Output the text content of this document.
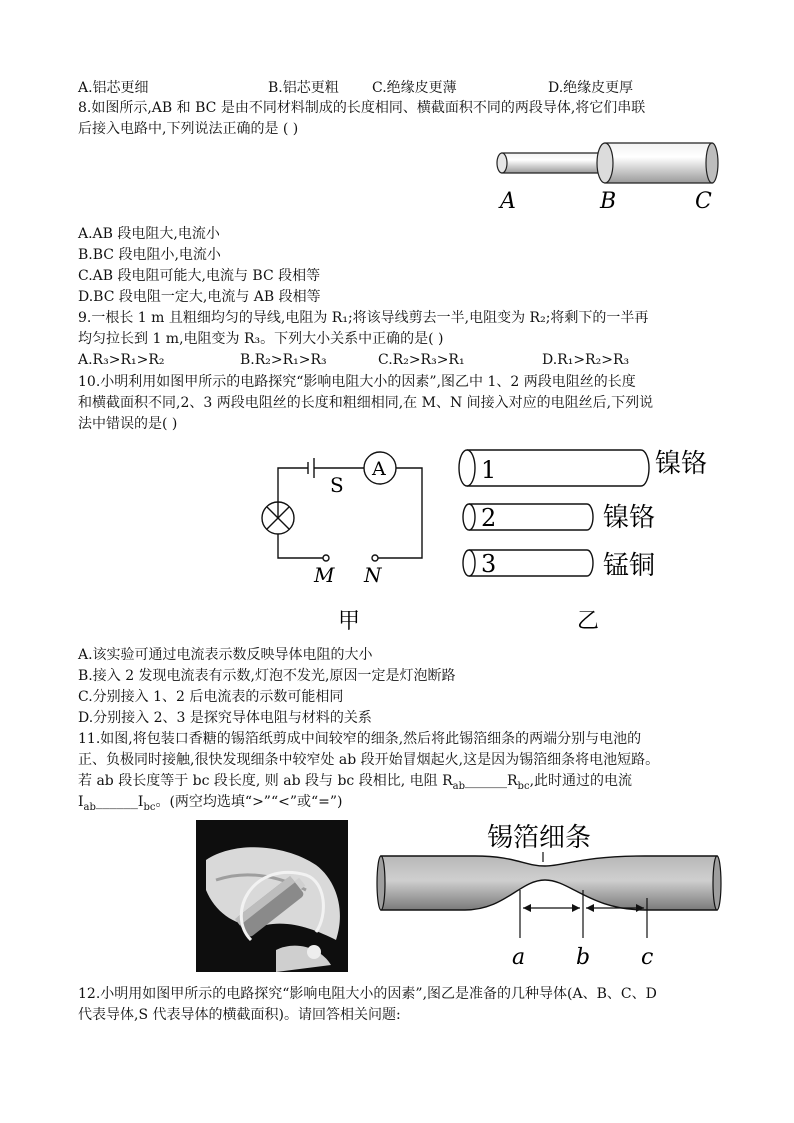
A.铝芯更细	B.铝芯更粗 C.绝缘皮更薄	D.绝缘皮更厚
8.如图所示,AB 和 BC 是由不同材料制成的长度相同、横截面积不同的两段导体,将它们串联
后接入电路中,下列说法正确的是 ( )
A	B	C
A.AB 段电阻大,电流小
B.BC 段电阻小,电流小
C.AB 段电阻可能大,电流与 BC 段相等
D.BC 段电阻一定大,电流与 AB 段相等
9.一根长 1 m 且粗细均匀的导线,电阻为 R₁;将该导线剪去一半,电阻变为 R₂;将剩下的一半再
均匀拉长到 1 m,电阻变为 R₃。下列大小关系中正确的是( )
A.R₃>R₁>R₂	B.R₂>R₁>R₃	C.R₂>R₃>R₁	D.R₁>R₂>R₃
10.小明利用如图甲所示的电路探究“影响电阻大小的因素”,图乙中 1、2 两段电阻丝的长度
和横截面积不同,2、3 两段电阻丝的长度和粗细相同,在 M、N 间接入对应的电阻丝后,下列说
法中错误的是( )
S
A
M N
甲
1
2
3
镍铬
镍铬
锰铜
乙
A.该实验可通过电流表示数反映导体电阻的大小
B.接入 2 发现电流表有示数,灯泡不发光,原因一定是灯泡断路
C.分别接入 1、2 后电流表的示数可能相同
D.分别接入 2、3 是探究导体电阻与材料的关系
11.如图,将包装口香糖的锡箔纸剪成中间较窄的细条,然后将此锡箔细条的两端分别与电池的
正、负极同时接触,很快发现细条中较窄处 ab 段开始冒烟起火,这是因为锡箔细条将电池短路。
若 ab 段长度等于 bc 段长度, 则 ab 段与 bc 段相比, 电阻 $R_{ab}\_\_\_\_\_\_R_{bc}$,此时通过的电流
$I_{ab}\_\_\_\_\_\_I_{bc}$。(两空均选填“>”“<”或“=”)
锡箔细条
a b c
12.小明用如图甲所示的电路探究“影响电阻大小的因素”,图乙是准备的几种导体(A、B、C、D
代表导体,S 代表导体的横截面积)。请回答相关问题:
